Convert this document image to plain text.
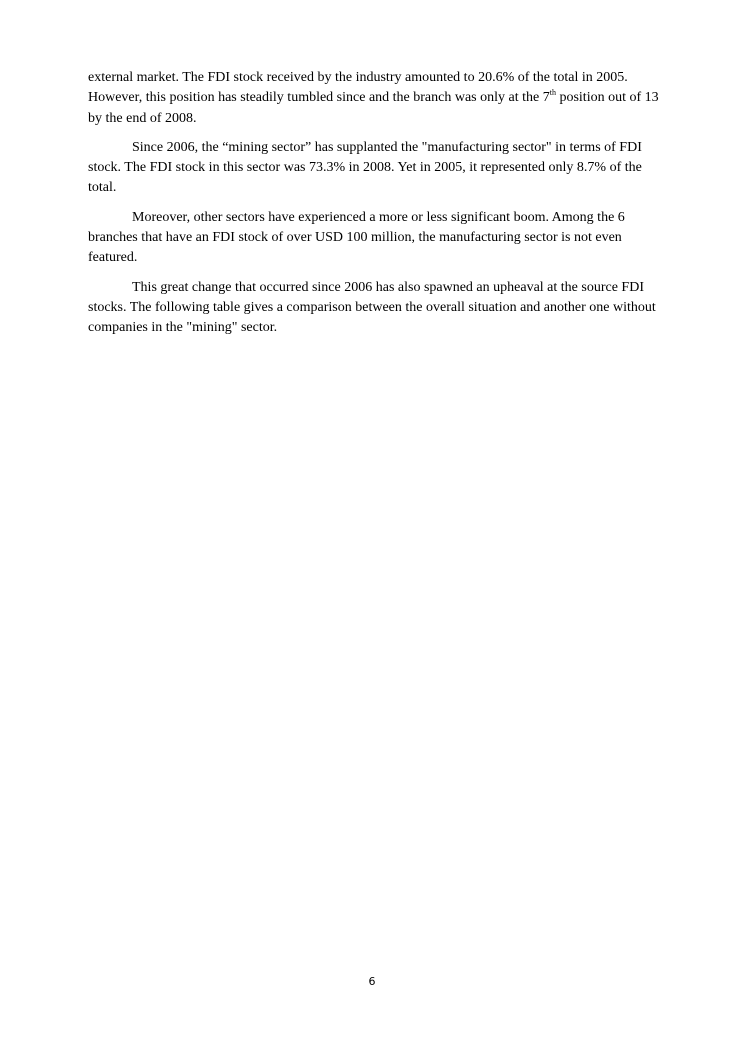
external market. The FDI stock received by the industry amounted to 20.6% of the total in 2005. However, this position has steadily tumbled since and the branch was only at the 7th position out of 13 by the end of 2008.

Since 2006, the “mining sector” has supplanted the "manufacturing sector" in terms of FDI stock. The FDI stock in this sector was 73.3% in 2008. Yet in 2005, it represented only 8.7% of the total.

Moreover, other sectors have experienced a more or less significant boom. Among the 6 branches that have an FDI stock of over USD 100 million, the manufacturing sector is not even featured.

This great change that occurred since 2006 has also spawned an upheaval at the source FDI stocks. The following table gives a comparison between the overall situation and another one without companies in the "mining" sector.

6
